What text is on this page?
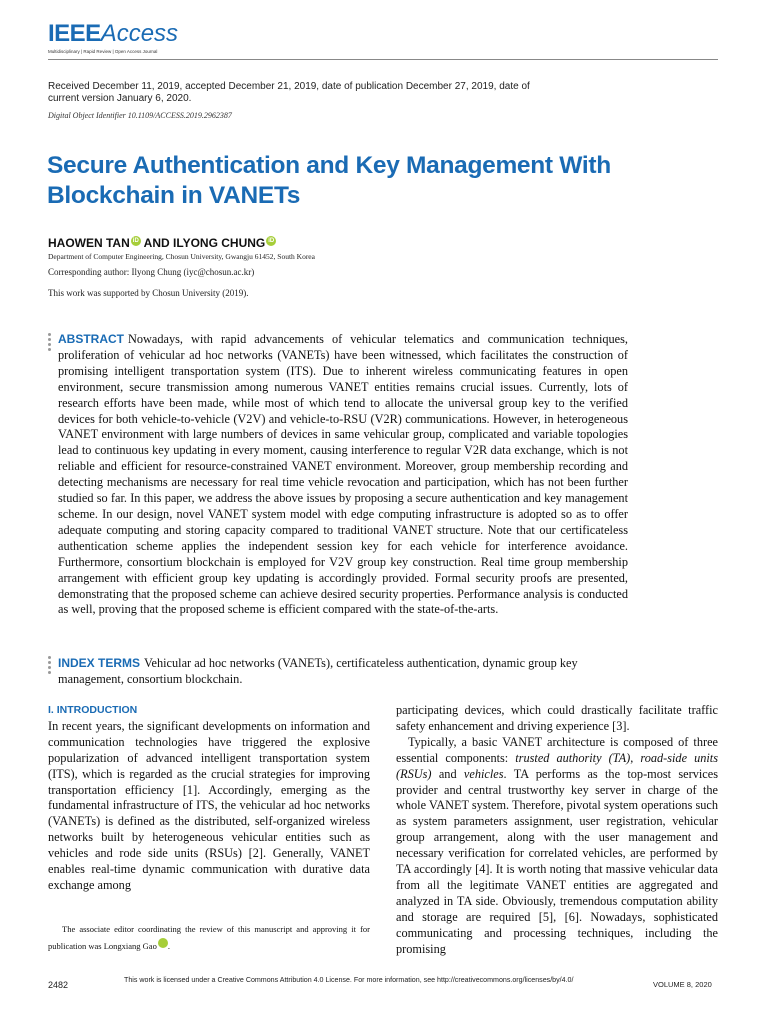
IEEEAccess
Multidisciplinary | Rapid Review | Open Access Journal
Received December 11, 2019, accepted December 21, 2019, date of publication December 27, 2019, date of current version January 6, 2020.
Digital Object Identifier 10.1109/ACCESS.2019.2962387
Secure Authentication and Key Management With Blockchain in VANETs
HAOWEN TAN iD AND ILYONG CHUNG iD
Department of Computer Engineering, Chosun University, Gwangju 61452, South Korea
Corresponding author: Ilyong Chung (iyc@chosun.ac.kr)
This work was supported by Chosun University (2019).
ABSTRACT Nowadays, with rapid advancements of vehicular telematics and communication techniques, proliferation of vehicular ad hoc networks (VANETs) have been witnessed, which facilitates the construction of promising intelligent transportation system (ITS). Due to inherent wireless communicating features in open environment, secure transmission among numerous VANET entities remains crucial issues. Currently, lots of research efforts have been made, while most of which tend to allocate the universal group key to the verified devices for both vehicle-to-vehicle (V2V) and vehicle-to-RSU (V2R) communications. However, in heterogeneous VANET environment with large numbers of devices in same vehicular group, complicated and variable topologies lead to continuous key updating in every moment, causing interference to regular V2R data exchange, which is not reliable and efficient for resource-constrained VANET environment. Moreover, group membership recording and detecting mechanisms are necessary for real time vehicle revocation and participation, which has not been further studied so far. In this paper, we address the above issues by proposing a secure authentication and key management scheme. In our design, novel VANET system model with edge computing infrastructure is adopted so as to offer adequate computing and storing capacity compared to traditional VANET structure. Note that our certificateless authentication scheme applies the independent session key for each vehicle for interference avoidance. Furthermore, consortium blockchain is employed for V2V group key construction. Real time group membership arrangement with efficient group key updating is accordingly provided. Formal security proofs are presented, demonstrating that the proposed scheme can achieve desired security properties. Performance analysis is conducted as well, proving that the proposed scheme is efficient compared with the state-of-the-arts.
INDEX TERMS Vehicular ad hoc networks (VANETs), certificateless authentication, dynamic group key management, consortium blockchain.
I. INTRODUCTION
In recent years, the significant developments on information and communication technologies have triggered the explosive popularization of advanced intelligent transportation system (ITS), which is regarded as the crucial strategies for improving transportation efficiency [1]. Accordingly, emerging as the fundamental infrastructure of ITS, the vehicular ad hoc networks (VANETs) is defined as the distributed, self-organized wireless networks built by heterogeneous vehicular entities such as vehicles and rode side units (RSUs) [2]. Generally, VANET enables real-time dynamic communication with durative data exchange among
participating devices, which could drastically facilitate traffic safety enhancement and driving experience [3].
Typically, a basic VANET architecture is composed of three essential components: trusted authority (TA), road-side units (RSUs) and vehicles. TA performs as the top-most services provider and central trustworthy key server in charge of the whole VANET system. Therefore, pivotal system operations such as system parameters assignment, user registration, vehicular group arrangement, along with the user management and necessary verification for correlated vehicles, are performed by TA accordingly [4]. It is worth noting that massive vehicular data from all the legitimate VANET entities are aggregated and analyzed in TA side. Obviously, tremendous computation ability and storage are required [5], [6]. Nowadays, sophisticated communicating and processing techniques, including the promising
The associate editor coordinating the review of this manuscript and approving it for publication was Longxiang Gao	iD.
2482	This work is licensed under a Creative Commons Attribution 4.0 License. For more information, see http://creativecommons.org/licenses/by/4.0/	VOLUME 8, 2020
